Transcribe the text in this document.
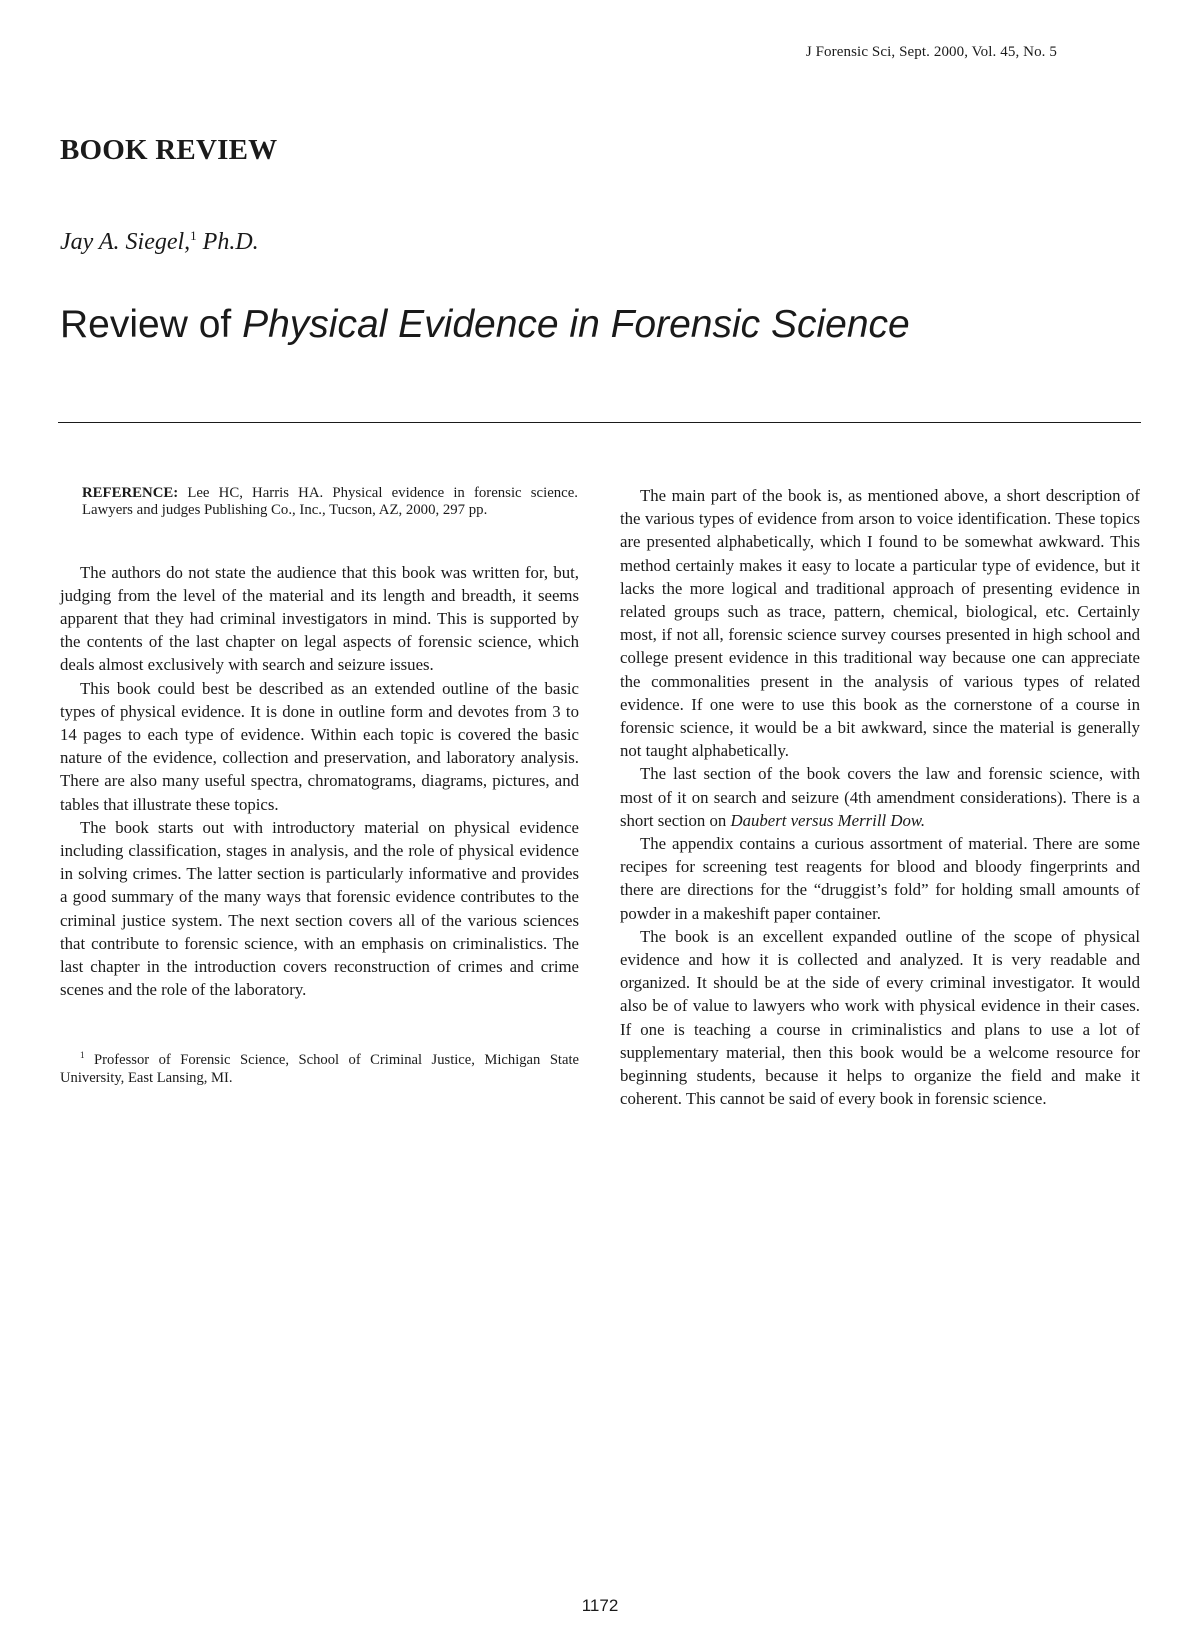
J Forensic Sci, Sept. 2000, Vol. 45, No. 5
BOOK REVIEW
Jay A. Siegel,$^1$ Ph.D.
Review of Physical Evidence in Forensic Science
REFERENCE: Lee HC, Harris HA. Physical evidence in forensic science. Lawyers and judges Publishing Co., Inc., Tucson, AZ, 2000, 297 pp.

The authors do not state the audience that this book was written for, but, judging from the level of the material and its length and breadth, it seems apparent that they had criminal investigators in mind. This is supported by the contents of the last chapter on legal aspects of forensic science, which deals almost exclusively with search and seizure issues.

This book could best be described as an extended outline of the basic types of physical evidence. It is done in outline form and devotes from 3 to 14 pages to each type of evidence. Within each topic is covered the basic nature of the evidence, collection and preservation, and laboratory analysis. There are also many useful spectra, chromatograms, diagrams, pictures, and tables that illustrate these topics.

The book starts out with introductory material on physical evidence including classification, stages in analysis, and the role of physical evidence in solving crimes. The latter section is particularly informative and provides a good summary of the many ways that forensic evidence contributes to the criminal justice system. The next section covers all of the various sciences that contribute to forensic science, with an emphasis on criminalistics. The last chapter in the introduction covers reconstruction of crimes and crime scenes and the role of the laboratory.

$^1$ Professor of Forensic Science, School of Criminal Justice, Michigan State University, East Lansing, MI.

The main part of the book is, as mentioned above, a short description of the various types of evidence from arson to voice identification. These topics are presented alphabetically, which I found to be somewhat awkward. This method certainly makes it easy to locate a particular type of evidence, but it lacks the more logical and traditional approach of presenting evidence in related groups such as trace, pattern, chemical, biological, etc. Certainly most, if not all, forensic science survey courses presented in high school and college present evidence in this traditional way because one can appreciate the commonalities present in the analysis of various types of related evidence. If one were to use this book as the cornerstone of a course in forensic science, it would be a bit awkward, since the material is generally not taught alphabetically.

The last section of the book covers the law and forensic science, with most of it on search and seizure (4th amendment considerations). There is a short section on Daubert versus Merrill Dow.

The appendix contains a curious assortment of material. There are some recipes for screening test reagents for blood and bloody fingerprints and there are directions for the “druggist’s fold” for holding small amounts of powder in a makeshift paper container.

The book is an excellent expanded outline of the scope of physical evidence and how it is collected and analyzed. It is very readable and organized. It should be at the side of every criminal investigator. It would also be of value to lawyers who work with physical evidence in their cases. If one is teaching a course in criminalistics and plans to use a lot of supplementary material, then this book would be a welcome resource for beginning students, because it helps to organize the field and make it coherent. This cannot be said of every book in forensic science.

1172
